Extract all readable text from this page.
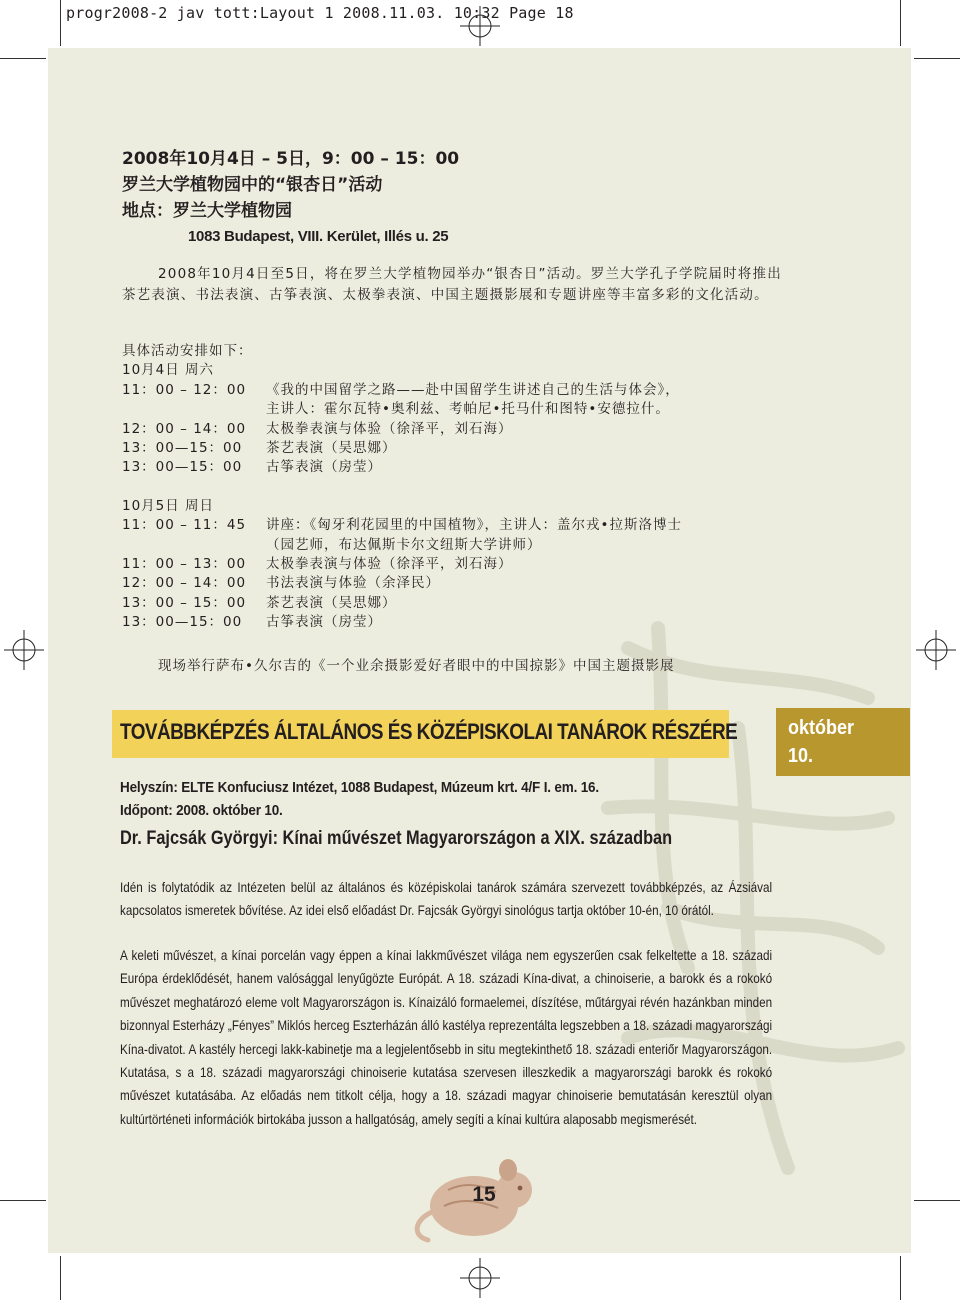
progr2008-2 jav tott:Layout 1 2008.11.03. 10:32 Page 18
2008年10月4日 – 5日，9：00 – 15：00
罗兰大学植物园中的“银杏日”活动
地点：罗兰大学植物园
1083 Budapest, VIII. Kerület, Illés u. 25

2008年10月4日至5日，将在罗兰大学植物园举办“银杏日”活动。罗兰大学孔子学院届时将推出茶艺表演、书法表演、古筝表演、太极拳表演、中国主题摄影展和专题讲座等丰富多彩的文化活动。

具体活动安排如下：
10月4日 周六
11：00 – 12：00	《我的中国留学之路——赴中国留学生讲述自己的生活与体会》，
主讲人：霍尔瓦特•奥利兹、考帕尼•托马什和图特•安德拉什。
12：00 – 14：00	太极拳表演与体验（徐泽平，刘石海）
13：00—15：00	茶艺表演（吴思娜）
13：00—15：00	古筝表演（房莹）
10月5日 周日
11：00 – 11：45	讲座：《匈牙利花园里的中国植物》，主讲人：盖尔戎•拉斯洛博士
（园艺师，布达佩斯卡尔文纽斯大学讲师）
11：00 – 13：00	太极拳表演与体验（徐泽平，刘石海）
12：00 – 14：00	书法表演与体验（余泽民）
13：00 – 15：00	茶艺表演（吴思娜）
13：00—15：00	古筝表演（房莹）
现场举行萨布•久尔吉的《一个业余摄影爱好者眼中的中国掠影》中国主题摄影展
TOVÁBBKÉPZÉS ÁLTALÁNOS ÉS KÖZÉPISKOLAI TANÁROK RÉSZÉRE	október
10.
Helyszín: ELTE Konfuciusz Intézet, 1088 Budapest, Múzeum krt. 4/F I. em. 16.
Időpont: 2008. október 10.
Dr. Fajcsák Györgyi: Kínai művészet Magyarországon a XIX. században

Idén is folytatódik az Intézeten belül az általános és középiskolai tanárok számára szervezett továbbképzés, az Ázsiával kapcsolatos ismeretek bővítése. Az idei első előadást Dr. Fajcsák Györgyi sinológus tartja október 10-én, 10 órától.

A keleti művészet, a kínai porcelán vagy éppen a kínai lakkművészet világa nem egyszerűen csak felkeltette a 18. századi Európa érdeklődését, hanem valósággal lenyűgözte Európát. A 18. századi Kína-divat, a chinoiserie, a barokk és a rokokó művészet meghatározó eleme volt Magyarországon is. Kínaizáló formaelemei, díszítése, műtárgyai révén hazánkban minden bizonnyal Esterházy „Fényes” Miklós herceg Eszterházán álló kastélya reprezentálta legszebben a 18. századi magyarországi Kína-divatot. A kastély hercegi lakk-kabinetje ma a legjelentősebb in situ megtekinthető 18. századi enteriőr Magyarországon. Kutatása, s a 18. századi magyarországi chinoiserie kutatása szervesen illeszkedik a magyarországi barokk és rokokó művészet kutatásába. Az előadás nem titkolt célja, hogy a 18. századi magyar chinoiserie bemutatásán keresztül olyan kultúrtörténeti információk birtokába jusson a hallgatóság, amely segíti a kínai kultúra alaposabb megismerését.

15
